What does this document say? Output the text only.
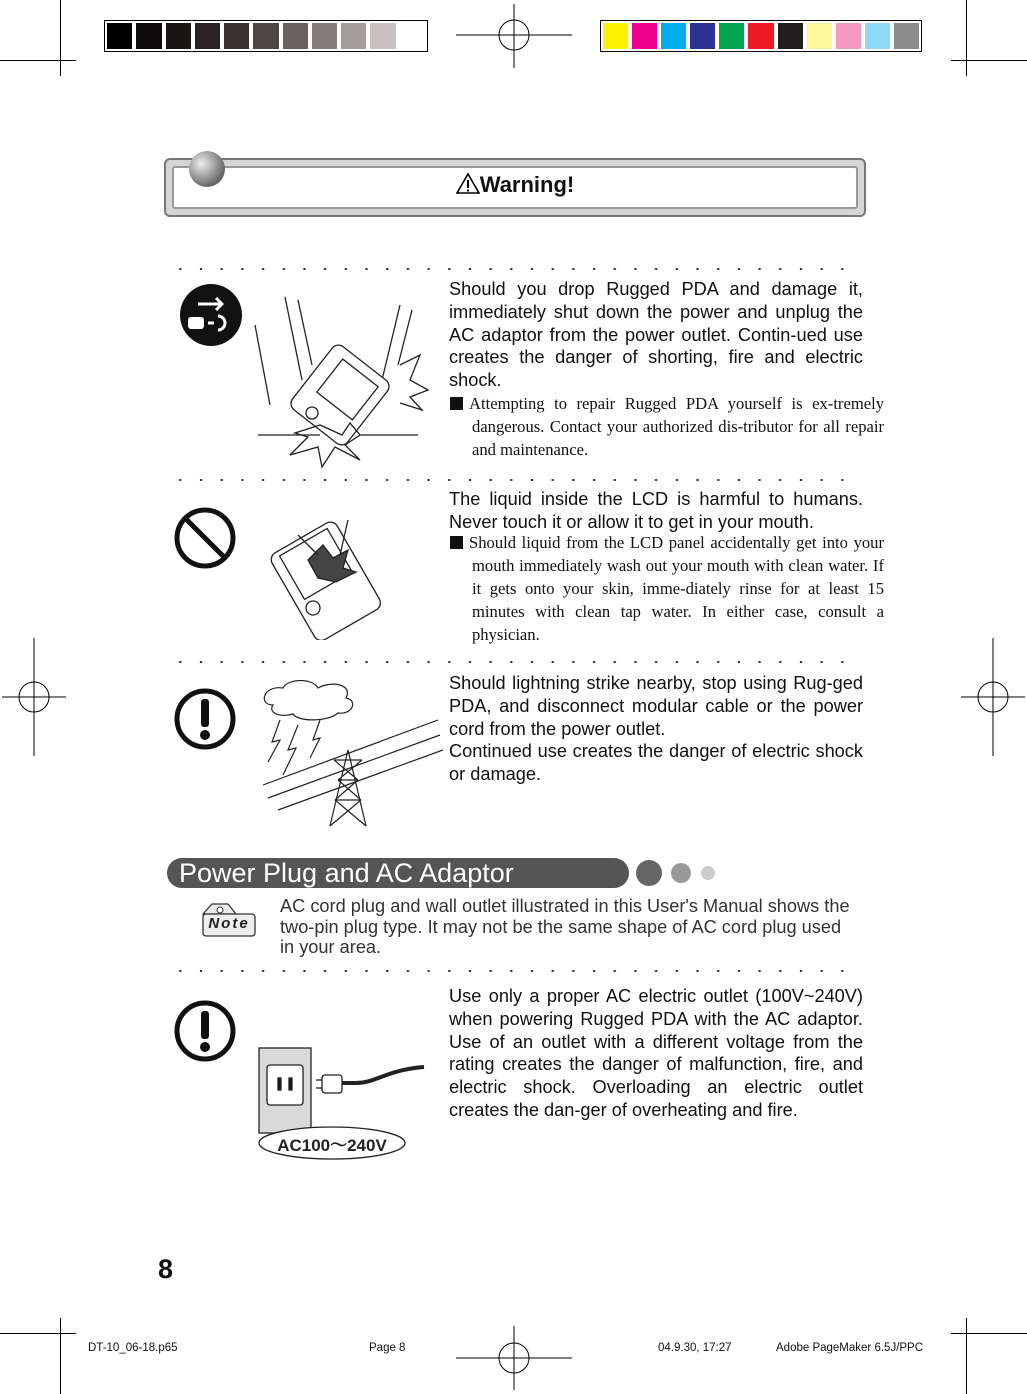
Warning!

Should you drop Rugged PDA and damage it, immediately shut down the power and unplug the AC adaptor from the power outlet. Contin-ued use creates the danger of shorting, fire and electric shock.

Attempting to repair Rugged PDA yourself is ex-tremely dangerous. Contact your authorized dis-tributor for all repair and maintenance.

The liquid inside the LCD is harmful to humans. Never touch it or allow it to get in your mouth.

Should liquid from the LCD panel accidentally get into your mouth immediately wash out your mouth with clean water. If it gets onto your skin, imme-diately rinse for at least 15 minutes with clean tap water. In either case, consult a physician.

Should lightning strike nearby, stop using Rug-ged PDA, and disconnect modular cable or the power cord from the power outlet.

Continued use creates the danger of electric shock or damage.

Power Plug and AC Adaptor
Note
AC cord plug and wall outlet illustrated in this User's Manual shows the two-pin plug type. It may not be the same shape of AC cord plug used in your area.
AC100～240V

Use only a proper AC electric outlet (100V~240V) when powering Rugged PDA with the AC adaptor. Use of an outlet with a different voltage from the rating creates the danger of malfunction, fire, and electric shock. Overloading an electric outlet creates the dan-ger of overheating and fire.

8
DT-10_06-18.p65	Page 8	04.9.30, 17:27	Adobe PageMaker 6.5J/PPC
